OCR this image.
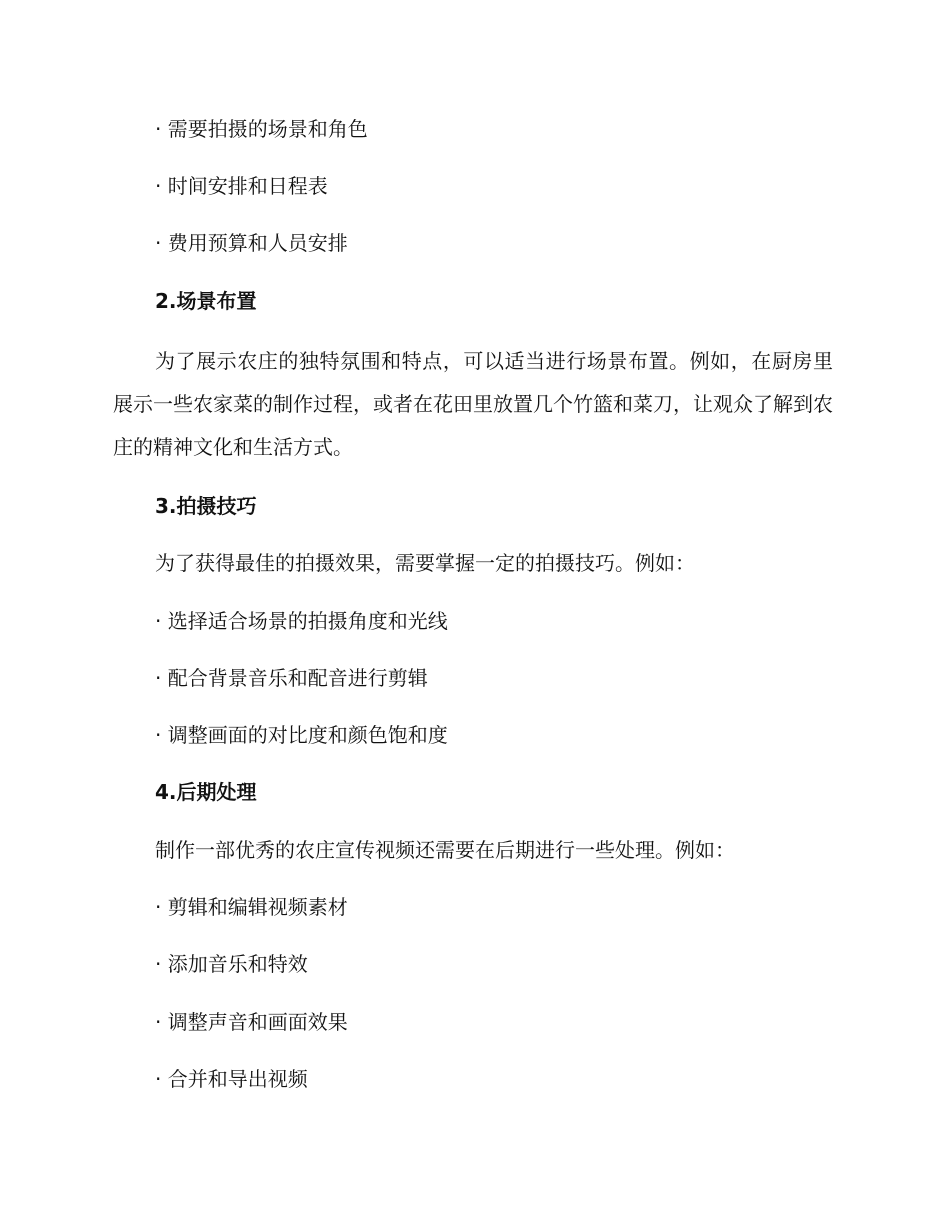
· 需要拍摄的场景和角色
· 时间安排和日程表
· 费用预算和人员安排
2.场景布置
为了展示农庄的独特氛围和特点，可以适当进行场景布置。例如，在厨房里展示一些农家菜的制作过程，或者在花田里放置几个竹篮和菜刀，让观众了解到农庄的精神文化和生活方式。
3.拍摄技巧
为了获得最佳的拍摄效果，需要掌握一定的拍摄技巧。例如：
· 选择适合场景的拍摄角度和光线
· 配合背景音乐和配音进行剪辑
· 调整画面的对比度和颜色饱和度
4.后期处理
制作一部优秀的农庄宣传视频还需要在后期进行一些处理。例如：
· 剪辑和编辑视频素材
· 添加音乐和特效
· 调整声音和画面效果
· 合并和导出视频
